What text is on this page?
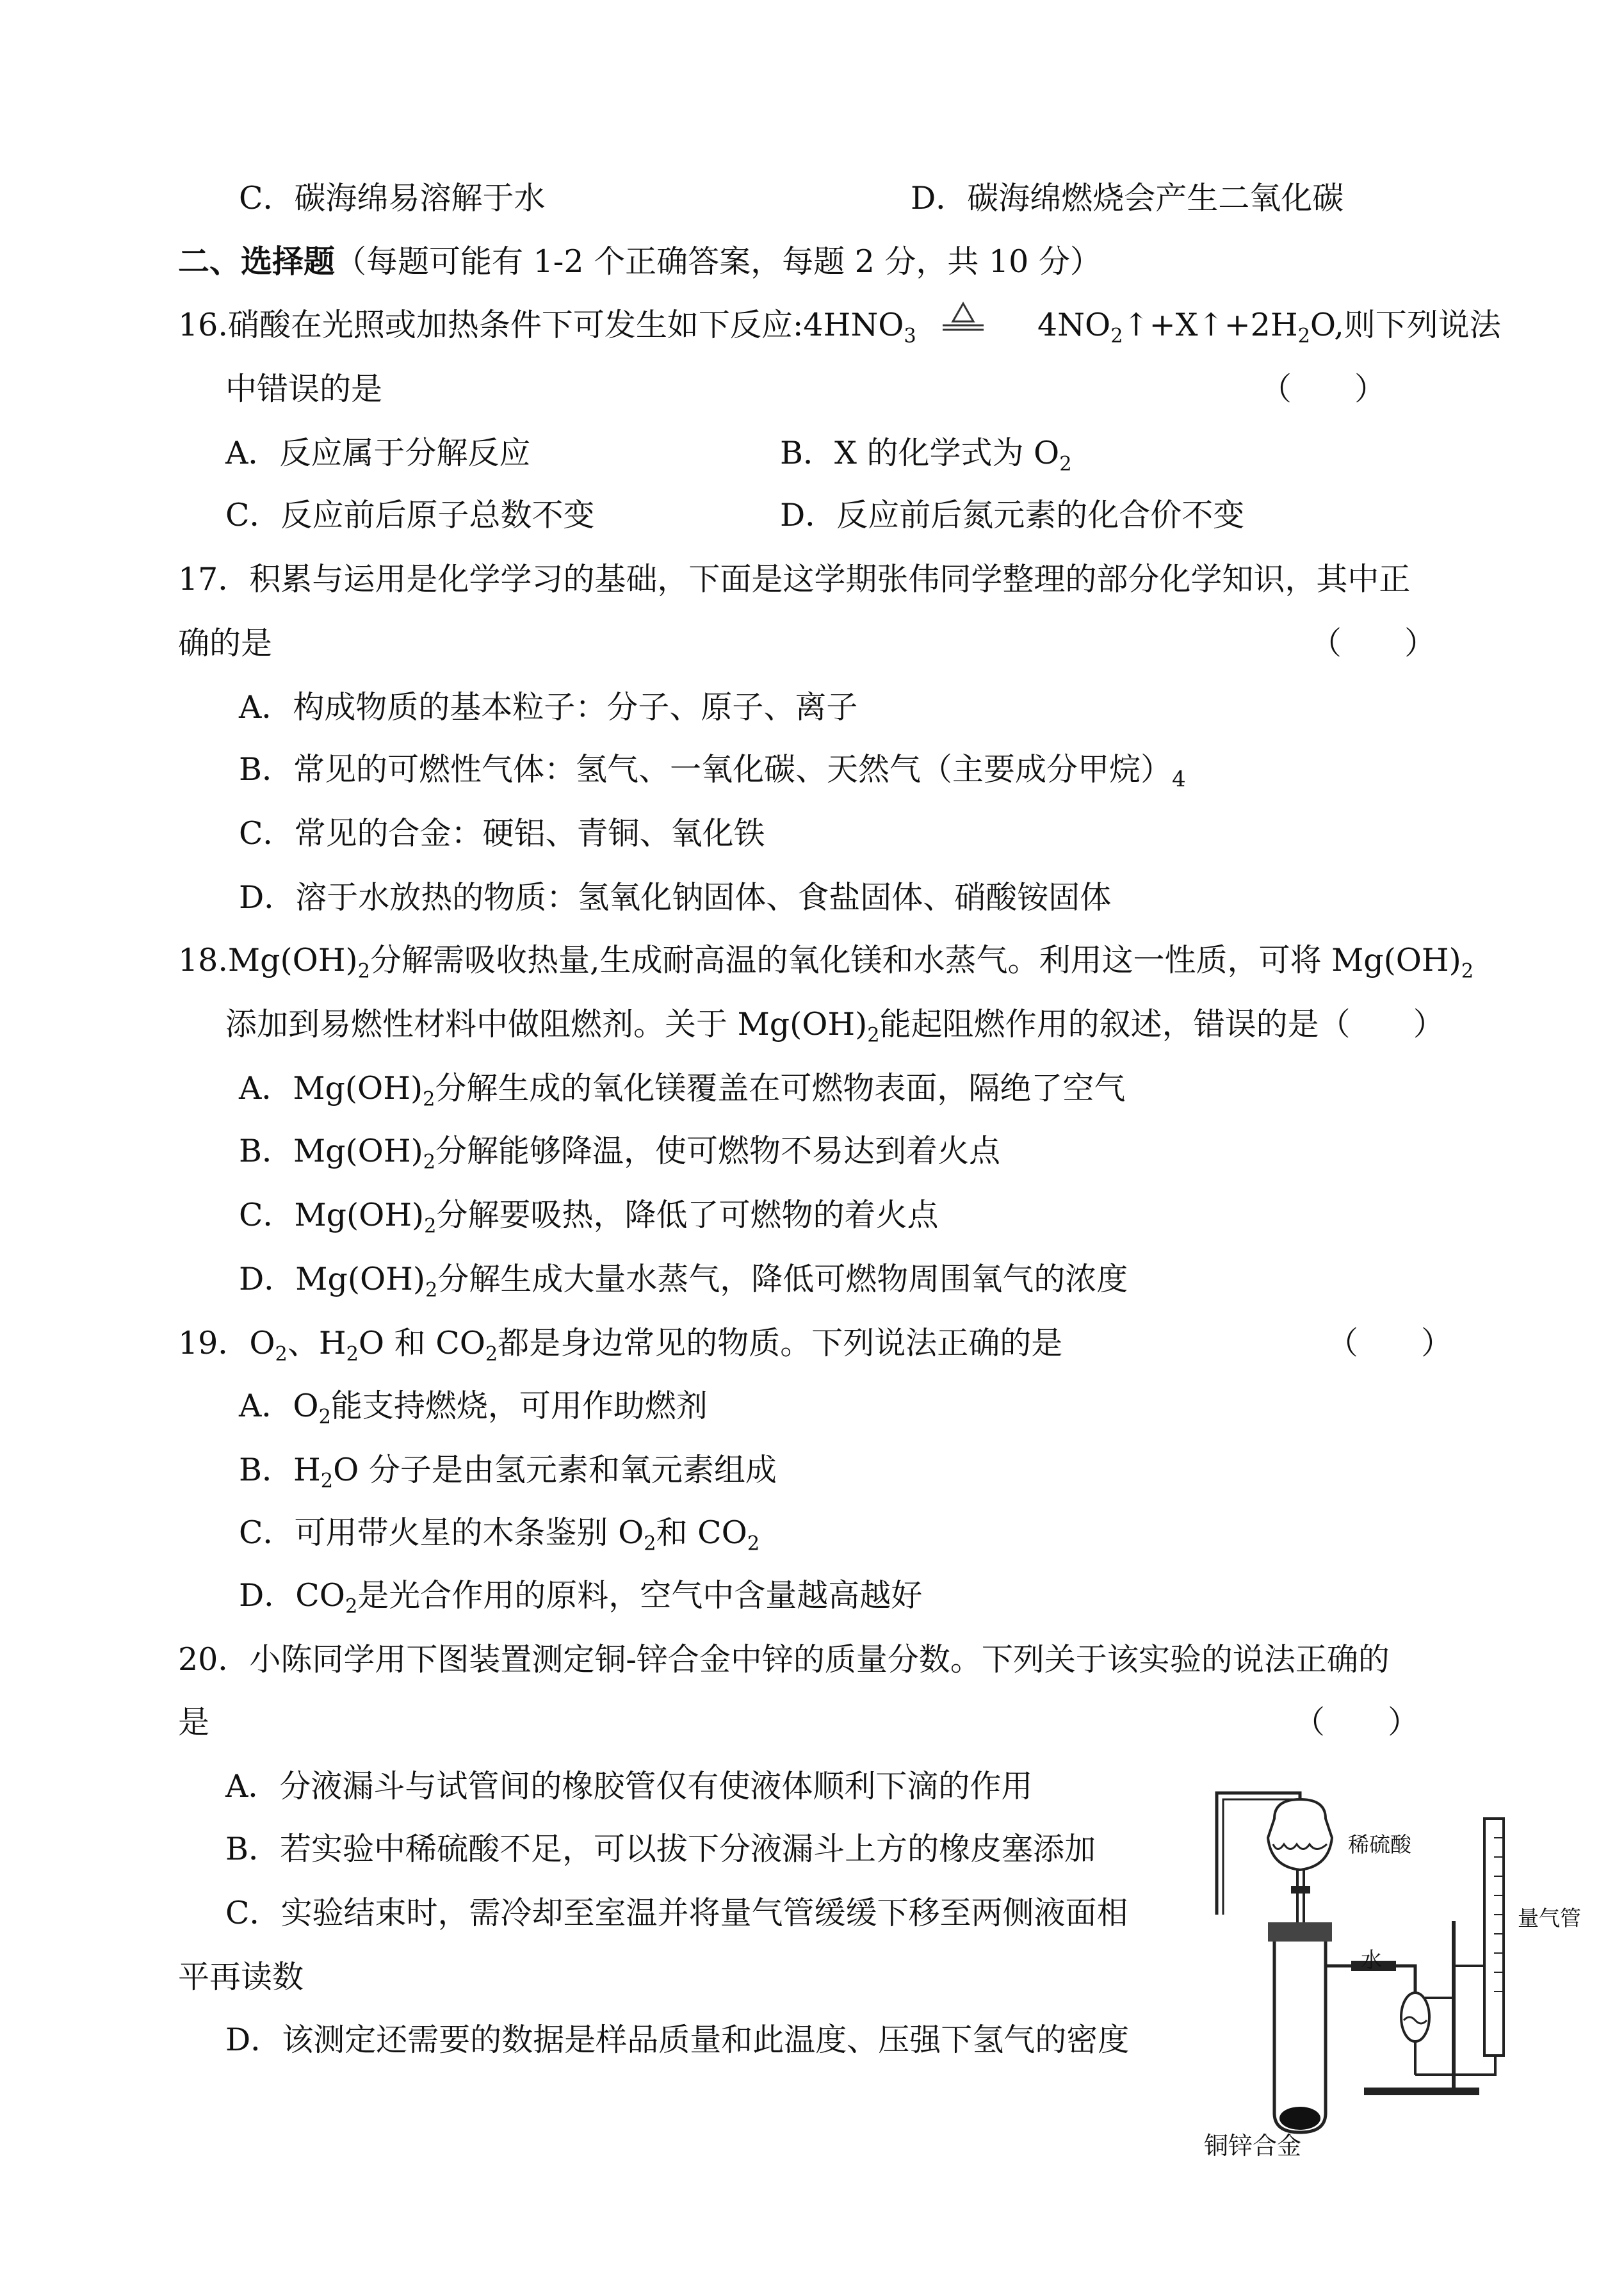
C．碳海绵易溶解于水	D．碳海绵燃烧会产生二氧化碳
二、选择题（每题可能有 1-2 个正确答案，每题 2 分，共 10 分）
16.硝酸在光照或加热条件下可发生如下反应$:4HNO_3$	$4NO_2↑+X↑+2H_2O$,则下列说法
中错误的是	（　　）
A．反应属于分解反应	B．X 的化学式为 $O_2$
C．反应前后原子总数不变	D．反应前后氮元素的化合价不变
17．积累与运用是化学学习的基础，下面是这学期张伟同学整理的部分化学知识，其中正
确的是	（　　）
A．构成物质的基本粒子：分子、原子、离子
B．常见的可燃性气体：氢气、一氧化碳、天然气（主要成分甲烷）$_4$
C．常见的合金：硬铝、青铜、氧化铁
D．溶于水放热的物质：氢氧化钠固体、食盐固体、硝酸铵固体
$18.Mg(OH)_2$分解需吸收热量,生成耐高温的氧化镁和水蒸气。利用这一性质，可将 $Mg(OH)_2$
添加到易燃性材料中做阻燃剂。关于 $Mg(OH)_2$能起阻燃作用的叙述，错误的是（　　）
A．$Mg(OH)_2$分解生成的氧化镁覆盖在可燃物表面，隔绝了空气
B．$Mg(OH)_2$分解能够降温，使可燃物不易达到着火点
C．$Mg(OH)_2$分解要吸热，降低了可燃物的着火点
D．$Mg(OH)_2$分解生成大量水蒸气，降低可燃物周围氧气的浓度
19．$O_2$、$H_2O$ 和 $CO_2$都是身边常见的物质。下列说法正确的是	（　　）
A．$O_2$能支持燃烧，可用作助燃剂
B．$H_2O$ 分子是由氢元素和氧元素组成
C．可用带火星的木条鉴别 $O_2$和 $CO_2$
D．$CO_2$是光合作用的原料，空气中含量越高越好
20．小陈同学用下图装置测定铜-锌合金中锌的质量分数。下列关于该实验的说法正确的
是	（　　）
A．分液漏斗与试管间的橡胶管仅有使液体顺利下滴的作用
B．若实验中稀硫酸不足，可以拔下分液漏斗上方的橡皮塞添加
C．实验结束时，需冷却至室温并将量气管缓缓下移至两侧液面相
平再读数
D．该测定还需要的数据是样品质量和此温度、压强下氢气的密度
稀硫酸
量气管
水
铜锌合金
